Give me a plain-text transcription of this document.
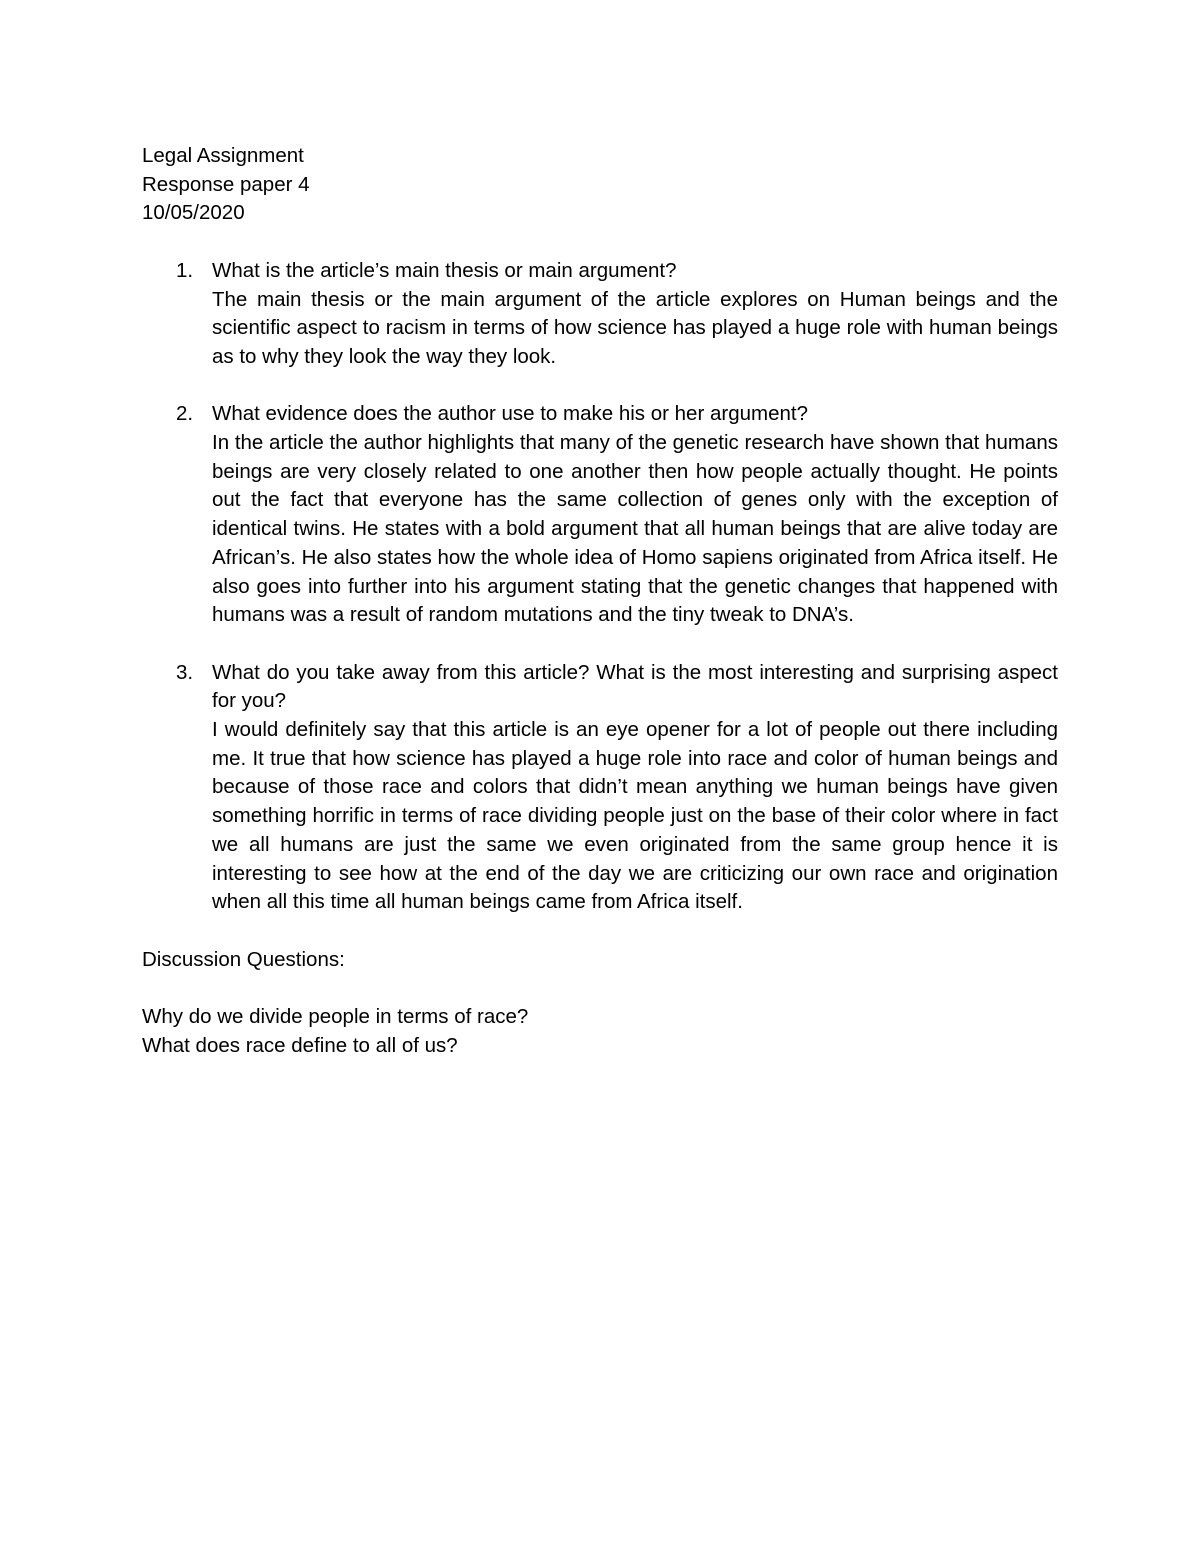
Legal Assignment
Response paper 4
10/05/2020
1. What is the article’s main thesis or main argument?
The main thesis or the main argument of the article explores on Human beings and the scientific aspect to racism in terms of how science has played a huge role with human beings as to why they look the way they look.
2. What evidence does the author use to make his or her argument?
In the article the author highlights that many of the genetic research have shown that humans beings are very closely related to one another then how people actually thought. He points out the fact that everyone has the same collection of genes only with the exception of identical twins. He states with a bold argument that all human beings that are alive today are African’s. He also states how the whole idea of Homo sapiens originated from Africa itself. He also goes into further into his argument stating that the genetic changes that happened with humans was a result of random mutations and the tiny tweak to DNA’s.
3. What do you take away from this article? What is the most interesting and surprising aspect for you?
I would definitely say that this article is an eye opener for a lot of people out there including me. It true that how science has played a huge role into race and color of human beings and because of those race and colors that didn’t mean anything we human beings have given something horrific in terms of race dividing people just on the base of their color where in fact we all humans are just the same we even originated from the same group hence it is interesting to see how at the end of the day we are criticizing our own race and origination when all this time all human beings came from Africa itself.
Discussion Questions:
Why do we divide people in terms of race?
What does race define to all of us?
